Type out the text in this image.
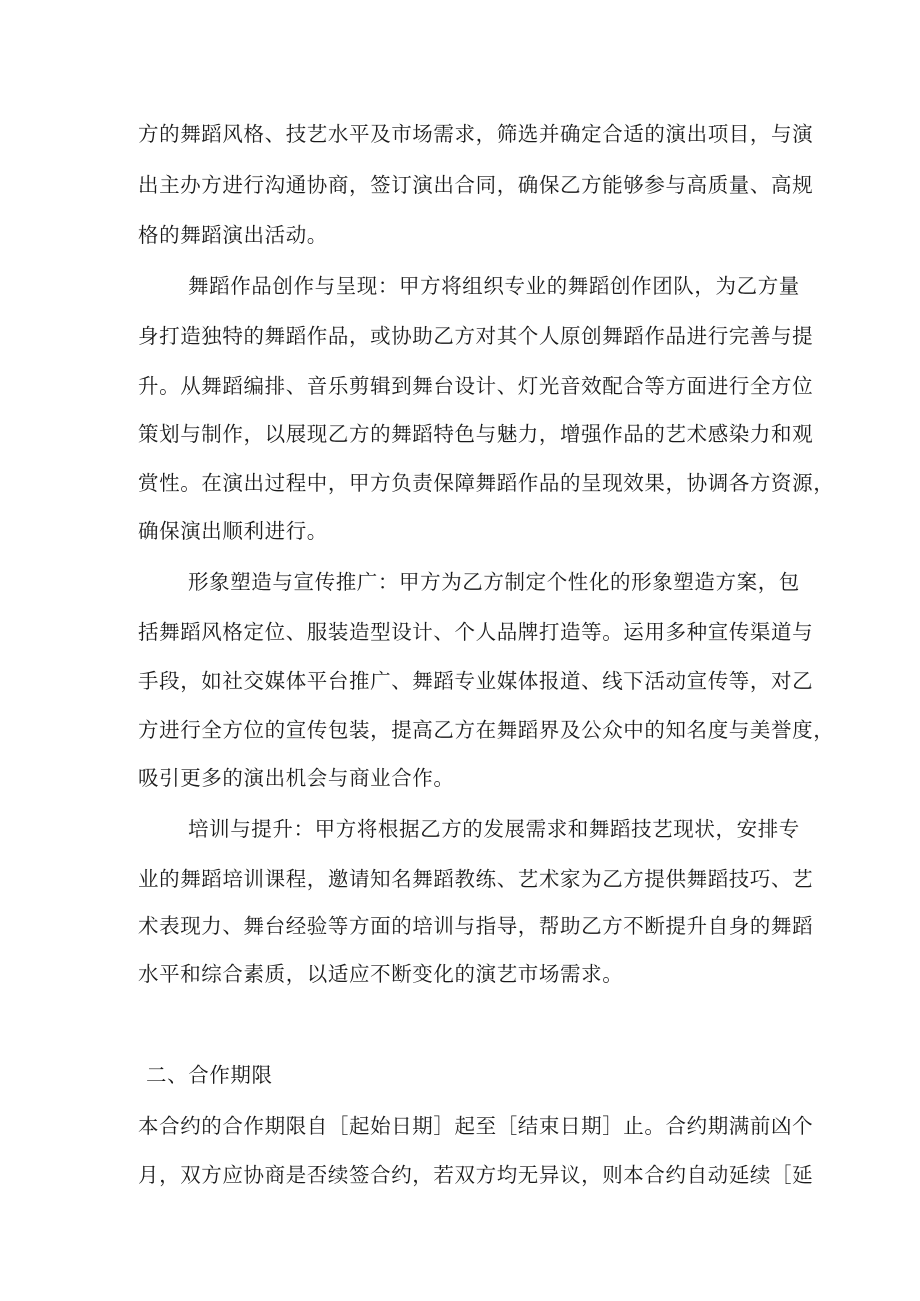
方的舞蹈风格、技艺水平及市场需求，筛选并确定合适的演出项目，与演
出主办方进行沟通协商，签订演出合同，确保乙方能够参与高质量、高规
格的舞蹈演出活动。
舞蹈作品创作与呈现：甲方将组织专业的舞蹈创作团队，为乙方量
身打造独特的舞蹈作品，或协助乙方对其个人原创舞蹈作品进行完善与提
升。从舞蹈编排、音乐剪辑到舞台设计、灯光音效配合等方面进行全方位
策划与制作，以展现乙方的舞蹈特色与魅力，增强作品的艺术感染力和观
赏性。在演出过程中，甲方负责保障舞蹈作品的呈现效果，协调各方资源，
确保演出顺利进行。
形象塑造与宣传推广：甲方为乙方制定个性化的形象塑造方案，包
括舞蹈风格定位、服装造型设计、个人品牌打造等。运用多种宣传渠道与
手段，如社交媒体平台推广、舞蹈专业媒体报道、线下活动宣传等，对乙
方进行全方位的宣传包装，提高乙方在舞蹈界及公众中的知名度与美誉度，
吸引更多的演出机会与商业合作。
培训与提升：甲方将根据乙方的发展需求和舞蹈技艺现状，安排专
业的舞蹈培训课程，邀请知名舞蹈教练、艺术家为乙方提供舞蹈技巧、艺
术表现力、舞台经验等方面的培训与指导，帮助乙方不断提升自身的舞蹈
水平和综合素质，以适应不断变化的演艺市场需求。
二、合作期限
本合约的合作期限自［起始日期］起至［结束日期］止。合约期满前凶个
月，双方应协商是否续签合约，若双方均无异议，则本合约自动延续［延
